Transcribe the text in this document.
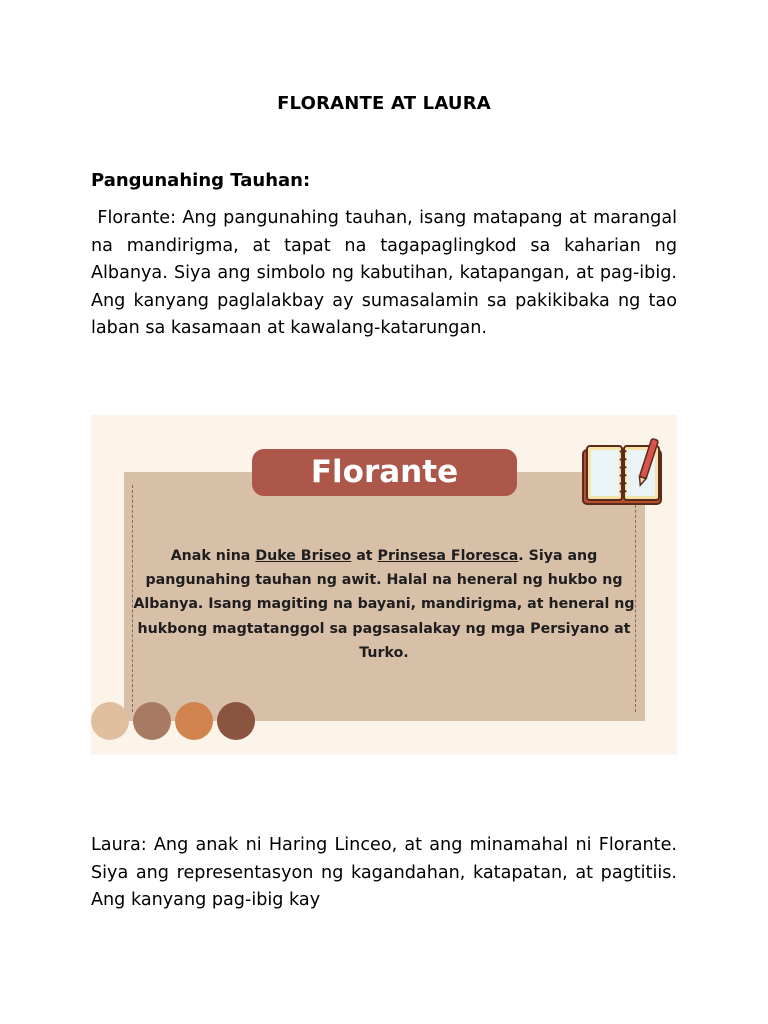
FLORANTE AT LAURA
Pangunahing Tauhan:

Florante: Ang pangunahing tauhan, isang matapang at marangal na mandirigma, at tapat na tagapaglingkod sa kaharian ng Albanya. Siya ang simbolo ng kabutihan, katapangan, at pag-ibig. Ang kanyang paglalakbay ay sumasalamin sa pakikibaka ng tao laban sa kasamaan at kawalang-katarungan.

Florante

Anak nina Duke Briseo at Prinsesa Floresca. Siya ang pangunahing tauhan ng awit. Halal na heneral ng hukbo ng Albanya. Isang magiting na bayani, mandirigma, at heneral ng hukbong magtatanggol sa pagsasalakay ng mga Persiyano at Turko.

Laura: Ang anak ni Haring Linceo, at ang minamahal ni Florante. Siya ang representasyon ng kagandahan, katapatan, at pagtitiis. Ang kanyang pag-ibig kay
